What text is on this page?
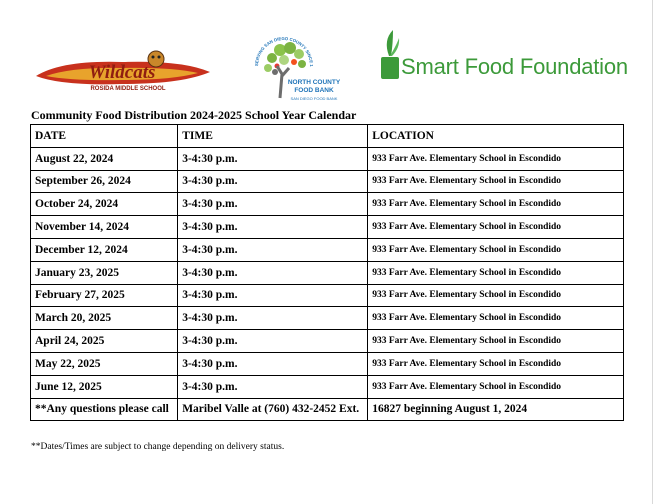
Wildcats
ROSIDA MIDDLE SCHOOL
SERVING SAN DIEGO COUNTY SINCE 1
NORTH COUNTY
FOOD BANK
SAN DIEGO FOOD BANK
Smart Food Foundation
Community Food Distribution 2024-2025 School Year Calendar
DATE	TIME	LOCATION
August 22, 2024	3-4:30 p.m.	933 Farr Ave. Elementary School in Escondido
September 26, 2024	3-4:30 p.m.	933 Farr Ave. Elementary School in Escondido
October 24, 2024	3-4:30 p.m.	933 Farr Ave. Elementary School in Escondido
November 14, 2024	3-4:30 p.m.	933 Farr Ave. Elementary School in Escondido
December 12, 2024	3-4:30 p.m.	933 Farr Ave. Elementary School in Escondido
January 23, 2025	3-4:30 p.m.	933 Farr Ave. Elementary School in Escondido
February 27, 2025	3-4:30 p.m.	933 Farr Ave. Elementary School in Escondido
March 20, 2025	3-4:30 p.m.	933 Farr Ave. Elementary School in Escondido
April 24, 2025	3-4:30 p.m.	933 Farr Ave. Elementary School in Escondido
May 22, 2025	3-4:30 p.m.	933 Farr Ave. Elementary School in Escondido
June 12, 2025	3-4:30 p.m.	933 Farr Ave. Elementary School in Escondido
**Any questions please call	Maribel Valle at (760) 432-2452 Ext.	16827 beginning August 1, 2024
**Dates/Times are subject to change depending on delivery status.
